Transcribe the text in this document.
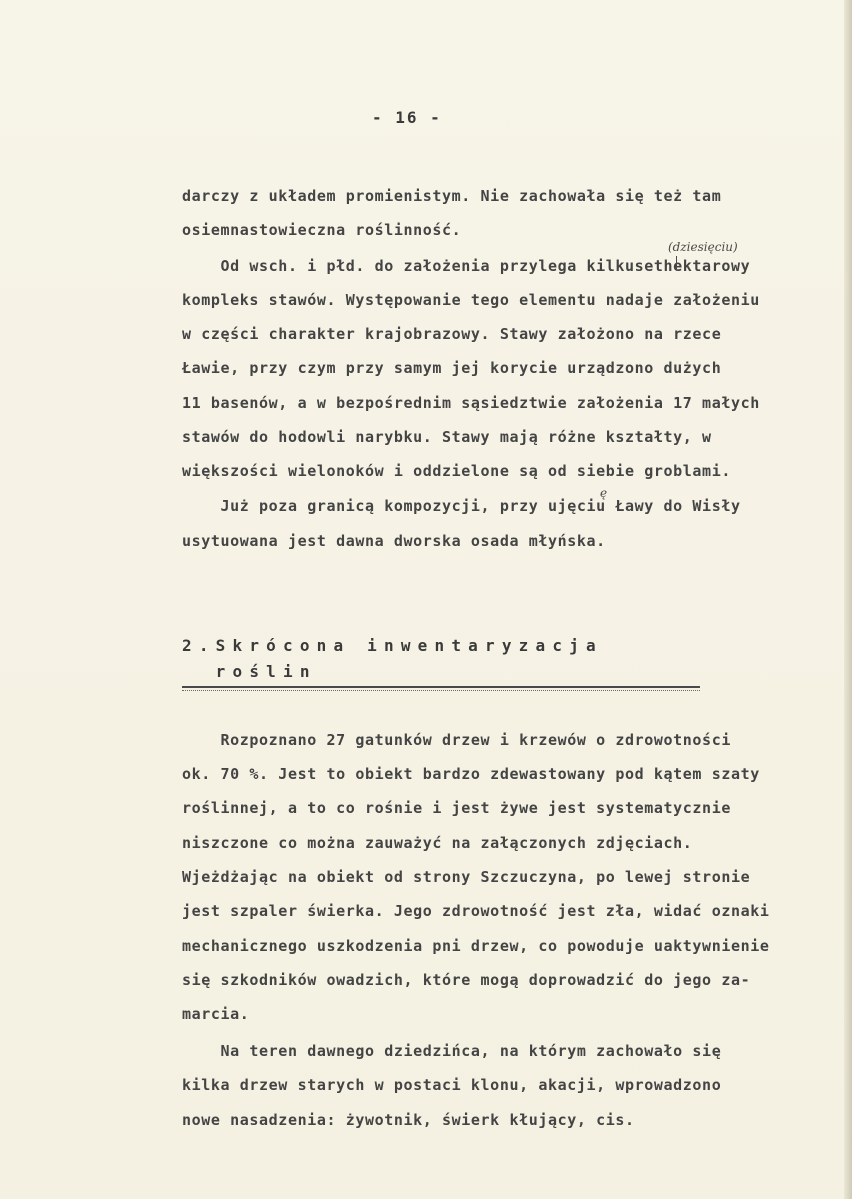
- 16 -
darczy z układem promienistym. Nie zachowała się też tam
osiemnastowieczna roślinność.
Od wsch. i płd. do założenia przylega kilkusethektarowy
kompleks stawów. Występowanie tego elementu nadaje założeniu
w części charakter krajobrazowy. Stawy założono na rzece
Ławie, przy czym przy samym jej korycie urządzono dużych
11 basenów, a w bezpośrednim sąsiedztwie założenia 17 małych
stawów do hodowli narybku. Stawy mają różne kształty, w
większości wielonoków i oddzielone są od siebie groblami.
Już poza granicą kompozycji, przy ujęciu Ławy do Wisły
usytuowana jest dawna dworska osada młyńska.
2.Skrócona inwentaryzacja
roślin
Rozpoznano 27 gatunków drzew i krzewów o zdrowotności
ok. 70 %. Jest to obiekt bardzo zdewastowany pod kątem szaty
roślinnej, a to co rośnie i jest żywe jest systematycznie
niszczone co można zauważyć na załączonych zdjęciach.
Wjeżdżając na obiekt od strony Szczuczyna, po lewej stronie
jest szpaler świerka. Jego zdrowotność jest zła, widać oznaki
mechanicznego uszkodzenia pni drzew, co powoduje uaktywnienie
się szkodników owadzich, które mogą doprowadzić do jego za-
marcia.
Na teren dawnego dziedzińca, na którym zachowało się
kilka drzew starych w postaci klonu, akacji, wprowadzono
nowe nasadzenia: żywotnik, świerk kłujący, cis.
(dziesięciu)
ę
